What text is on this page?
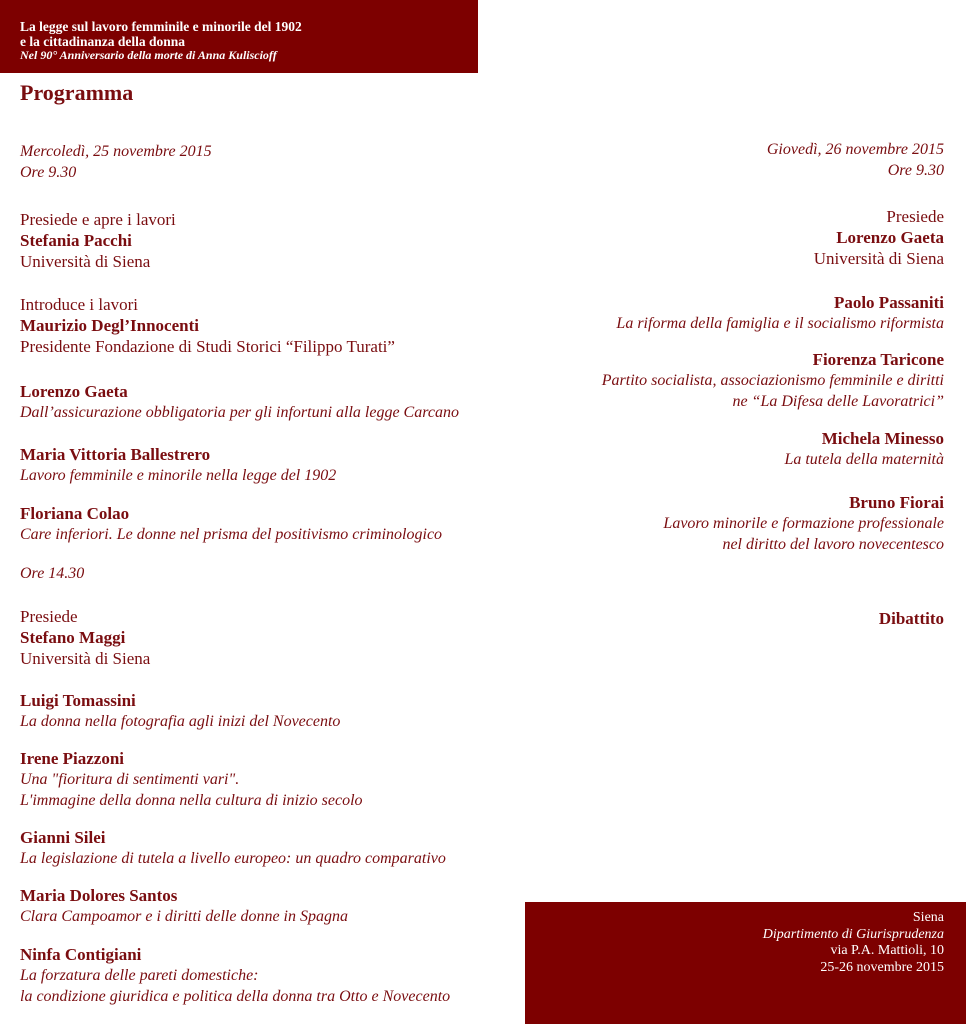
La legge sul lavoro femminile e minorile del 1902
e la cittadinanza della donna
Nel 90° Anniversario della morte di Anna Kuliscioff
Programma
Mercoledì, 25 novembre 2015
Ore 9.30
Presiede e apre i lavori
Stefania Pacchi
Università di Siena
Introduce i lavori
Maurizio Degl’Innocenti
Presidente Fondazione di Studi Storici “Filippo Turati”
Lorenzo Gaeta
Dall’assicurazione obbligatoria per gli infortuni alla legge Carcano
Maria Vittoria Ballestrero
Lavoro femminile e minorile nella legge del 1902
Floriana Colao
Care inferiori. Le donne nel prisma del positivismo criminologico
Ore 14.30
Presiede
Stefano Maggi
Università di Siena
Luigi Tomassini
La donna nella fotografia agli inizi del Novecento
Irene Piazzoni
Una "fioritura di sentimenti vari".
L'immagine della donna nella cultura di inizio secolo
Gianni Silei
La legislazione di tutela a livello europeo: un quadro comparativo
Maria Dolores Santos
Clara Campoamor e i diritti delle donne in Spagna
Ninfa Contigiani
La forzatura delle pareti domestiche:
la condizione giuridica e politica della donna tra Otto e Novecento
Giovedì, 26 novembre 2015
Ore 9.30
Presiede
Lorenzo Gaeta
Università di Siena
Paolo Passaniti
La riforma della famiglia e il socialismo riformista
Fiorenza Taricone
Partito socialista, associazionismo femminile e diritti
ne “La Difesa delle Lavoratrici”
Michela Minesso
La tutela della maternità
Bruno Fiorai
Lavoro minorile e formazione professionale
nel diritto del lavoro novecentesco
Dibattito
Siena
Dipartimento di Giurisprudenza
via P.A. Mattioli, 10
25-26 novembre 2015
